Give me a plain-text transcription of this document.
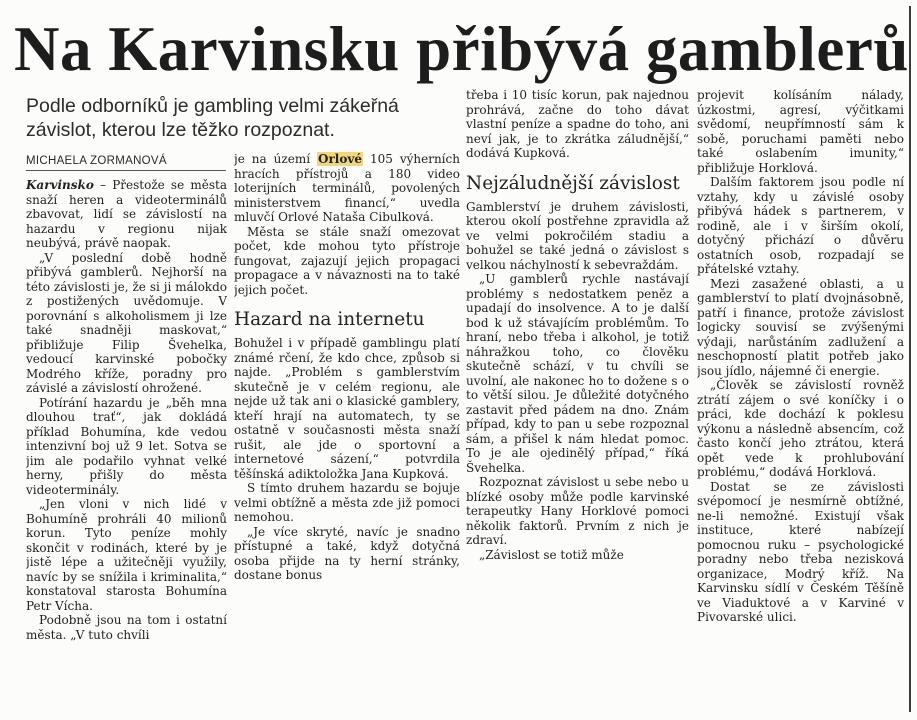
Na Karvinsku přibývá gamblerů

Podle odborníků je gambling velmi zákeřná závislot, kterou lze těžko rozpoznat.

MICHAELA ZORMANOVÁ

Karvinsko – Přestože se města snaží heren a videoterminálů zbavovat, lidí se závislostí na hazardu v regionu nijak neubývá, právě naopak.

„V poslední době hodně přibývá gamblerů. Nejhorší na této závislosti je, že si ji málokdo z postižených uvědomuje. V porovnání s alkoholismem ji lze také snadněji maskovat,“ přibližuje Filip Švehelka, vedoucí karvinské pobočky Modrého kříže, poradny pro závislé a závislostí ohrožené.

Potírání hazardu je „běh mna dlouhou trať“, jak dokládá příklad Bohumína, kde vedou intenzivní boj už 9 let. Sotva se jim ale podařilo vyhnat velké herny, přišly do města videoterminály.

„Jen vloni v nich lidé v Bohumíně prohráli 40 milionů korun. Tyto peníze mohly skončit v rodinách, které by je jistě lépe a užitečněji využily, navíc by se snížila i kriminalita,“ konstatoval starosta Bohumína Petr Vícha.

Podobně jsou na tom i ostatní města. „V tuto chvíli

je na území Orlové 105 výherních hracích přístrojů a 180 video loterijních terminálů, povolených ministerstvem financí,“ uvedla mluvčí Orlové Nataša Cibulková.

Města se stále snaží omezovat počet, kde mohou tyto přístroje fungovat, zajazují jejich propagaci propagace a v návaznosti na to také jejich počet.

Hazard na internetu

Bohužel i v případě gamblingu platí známé rčení, že kdo chce, způsob si najde. „Problém s gamblerstvím skutečně je v celém regionu, ale nejde už tak ani o klasické gamblery, kteří hrají na automatech, ty se ostatně v současnosti města snaží rušit, ale jde o sportovní a internetové sázení,“ potvrdila těšínská adiktoložka Jana Kupková.

S tímto druhem hazardu se bojuje velmi obtížně a města zde již pomoci nemohou.

„Je více skryté, navíc je snadno přístupné a také, když dotyčná osoba přijde na ty herní stránky, dostane bonus

třeba i 10 tisíc korun, pak najednou prohrává, začne do toho dávat vlastní peníze a spadne do toho, ani neví jak, je to zkrátka záludnější,“ dodává Kupková.

Nejzáludnější závislost

Gamblerství je druhem závislosti, kterou okolí postřehne zpravidla až ve velmi pokročilém stadiu a bohužel se také jedná o závislost s velkou náchylností k sebevraždám.

„U gamblerů rychle nastávají problémy s nedostatkem peněz a upadají do insolvence. A to je další bod k už stávajícím problémům. To hraní, nebo třeba i alkohol, je totiž náhražkou toho, co člověku skutečně schází, v tu chvíli se uvolní, ale nakonec ho to dožene s o to větší silou. Je důležité dotyčného zastavit před pádem na dno. Znám případ, kdy to pan u sebe rozpoznal sám, a přišel k nám hledat pomoc. To je ale ojedinělý případ,“ říká Švehelka.

Rozpoznat závislost u sebe nebo u blízké osoby může podle karvinské terapeutky Hany Horklové pomoci několik faktorů. Prvním z nich je zdraví.

„Závislost se totiž může

projevit kolísáním nálady, úzkostmi, agresí, výčitkami svědomí, neupřímností sám k sobě, poruchami paměti nebo také oslabením imunity,“ přibližuje Horklová.

Dalším faktorem jsou podle ní vztahy, kdy u závislé osoby přibývá hádek s partnerem, v rodině, ale i v širším okolí, dotyčný přichází o důvěru ostatních osob, rozpadají se přátelské vztahy.

Mezi zasažené oblasti, a u gamblerství to platí dvojnásobně, patří i finance, protože závislost logicky souvisí se zvýšenými výdaji, narůstáním zadlužení a neschopností platit potřeb jako jsou jídlo, nájemné či energie.

„Člověk se závislostí rovněž ztrátí zájem o své koníčky i o práci, kde dochází k poklesu výkonu a následně absencím, což často končí jeho ztrátou, která opět vede k prohlubování problému,“ dodává Horklová.

Dostat se ze závislosti svépomocí je nesmírně obtížné, ne-li nemožné. Existují však instituce, které nabízejí pomocnou ruku – psychologické poradny nebo třeba nezisková organizace, Modrý kříž. Na Karvinsku sídlí v Českém Těšíně ve Viaduktové a v Karviné v Pivovarské ulici.
